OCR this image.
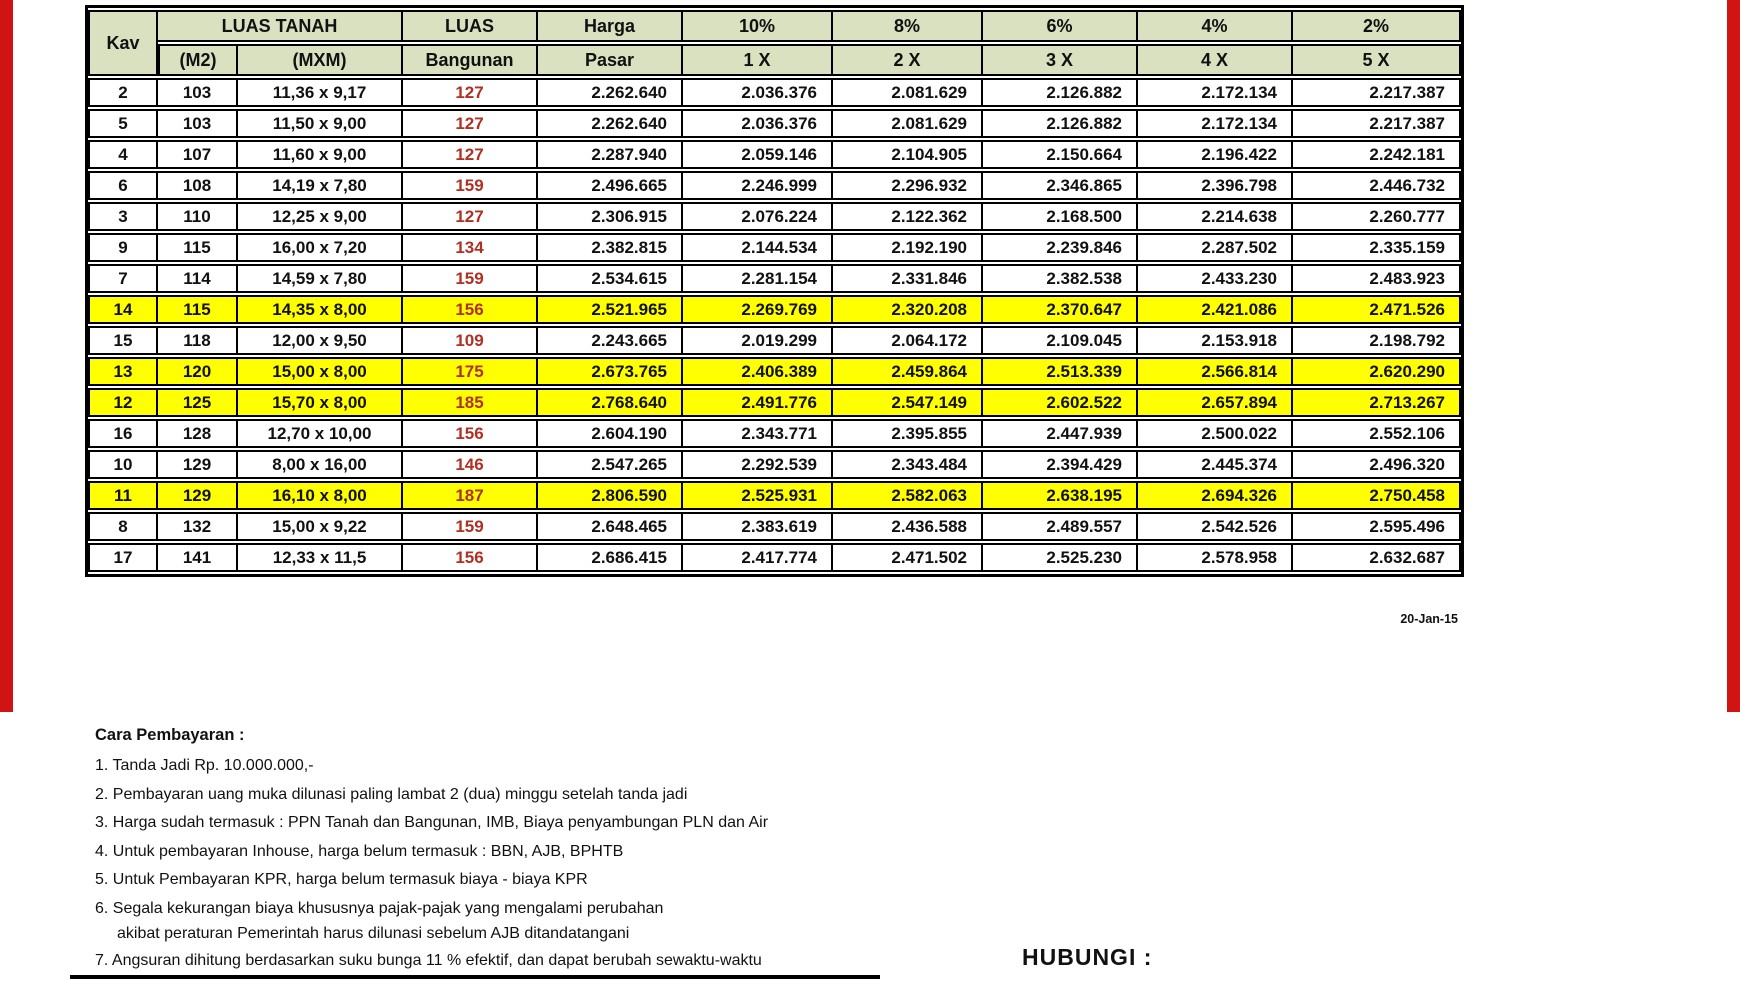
Kav	LUAS TANAH		LUAS	Harga	10%	8%	6%	4%	2%
	(M2)	(MXM)	Bangunan	Pasar	1 X	2 X	3 X	4 X	5 X
2	103	11,36 x 9,17	127	2.262.640	2.036.376	2.081.629	2.126.882	2.172.134	2.217.387
5	103	11,50 x 9,00	127	2.262.640	2.036.376	2.081.629	2.126.882	2.172.134	2.217.387
4	107	11,60 x 9,00	127	2.287.940	2.059.146	2.104.905	2.150.664	2.196.422	2.242.181
6	108	14,19 x 7,80	159	2.496.665	2.246.999	2.296.932	2.346.865	2.396.798	2.446.732
3	110	12,25 x 9,00	127	2.306.915	2.076.224	2.122.362	2.168.500	2.214.638	2.260.777
9	115	16,00 x 7,20	134	2.382.815	2.144.534	2.192.190	2.239.846	2.287.502	2.335.159
7	114	14,59 x 7,80	159	2.534.615	2.281.154	2.331.846	2.382.538	2.433.230	2.483.923
14	115	14,35 x 8,00	156	2.521.965	2.269.769	2.320.208	2.370.647	2.421.086	2.471.526
15	118	12,00 x 9,50	109	2.243.665	2.019.299	2.064.172	2.109.045	2.153.918	2.198.792
13	120	15,00 x 8,00	175	2.673.765	2.406.389	2.459.864	2.513.339	2.566.814	2.620.290
12	125	15,70 x 8,00	185	2.768.640	2.491.776	2.547.149	2.602.522	2.657.894	2.713.267
16	128	12,70 x 10,00	156	2.604.190	2.343.771	2.395.855	2.447.939	2.500.022	2.552.106
10	129	8,00 x 16,00	146	2.547.265	2.292.539	2.343.484	2.394.429	2.445.374	2.496.320
11	129	16,10 x 8,00	187	2.806.590	2.525.931	2.582.063	2.638.195	2.694.326	2.750.458
8	132	15,00 x 9,22	159	2.648.465	2.383.619	2.436.588	2.489.557	2.542.526	2.595.496
17	141	12,33 x 11,5	156	2.686.415	2.417.774	2.471.502	2.525.230	2.578.958	2.632.687
20-Jan-15
Cara Pembayaran :
1. Tanda Jadi Rp. 10.000.000,-
2. Pembayaran uang muka dilunasi paling lambat 2 (dua) minggu setelah tanda jadi
3. Harga sudah termasuk : PPN Tanah dan Bangunan, IMB, Biaya penyambungan PLN dan Air
4. Untuk pembayaran Inhouse, harga belum termasuk : BBN, AJB, BPHTB
5. Untuk Pembayaran KPR, harga belum termasuk biaya - biaya KPR
6. Segala kekurangan biaya khususnya pajak-pajak yang mengalami perubahan
akibat peraturan Pemerintah harus dilunasi sebelum AJB ditandatangani
7. Angsuran dihitung berdasarkan suku bunga 11 % efektif, dan dapat berubah sewaktu-waktu	HUBUNGI :
